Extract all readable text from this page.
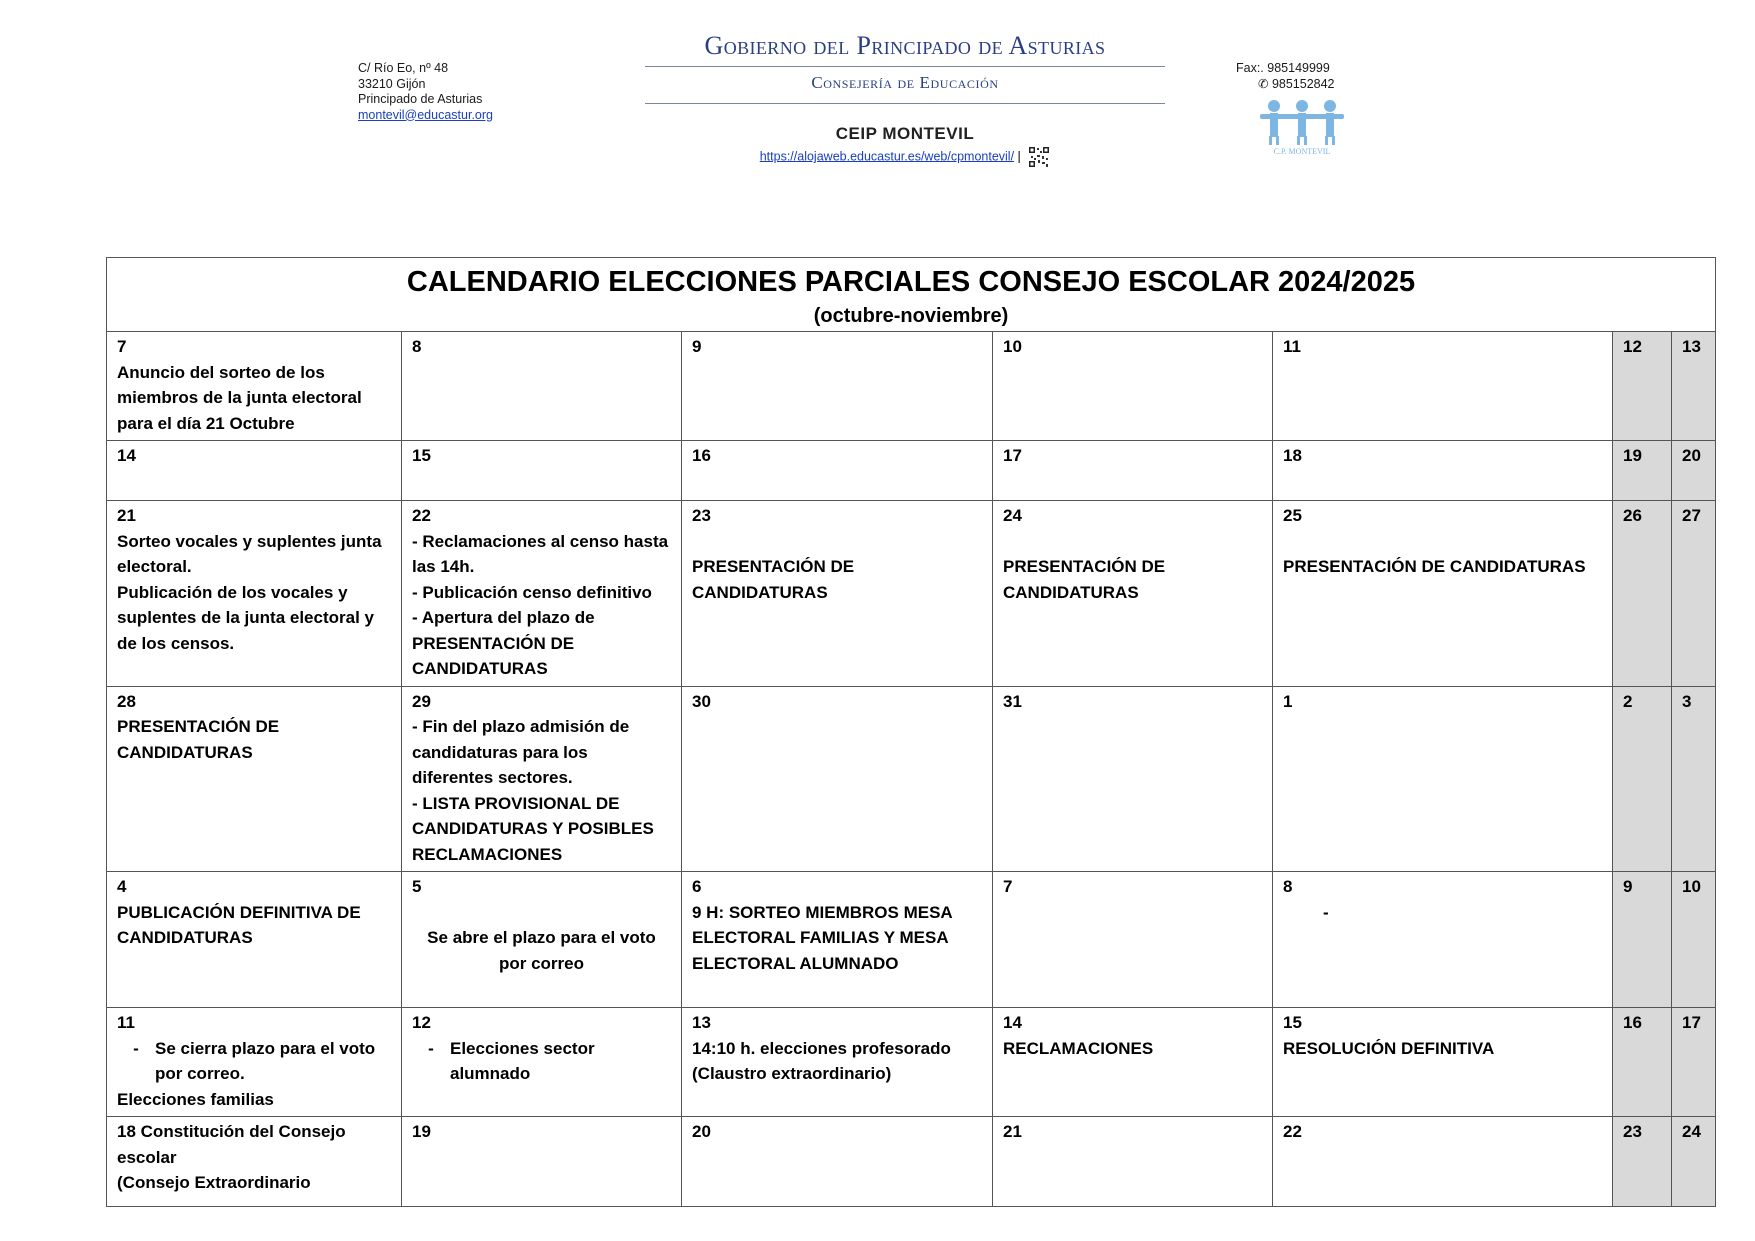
C/ Río Eo, nº 48
33210 Gijón
Principado de Asturias
montevil@educastur.org
Gobierno del Principado de Asturias
Consejería de Educación
CEIP MONTEVIL
https://alojaweb.educastur.es/web/cpmontevil/ |
Fax:. 985149999
✆ 985152842
C.P. MONTEVIL
CALENDARIO ELECCIONES PARCIALES CONSEJO ESCOLAR 2024/2025
(octubre-noviembre)						

7
Anuncio del sorteo de los miembros de la junta electoral para el día 21 Octubre	8	9	10	11	12	13

14	15	16	17	18	19	20

21
Sorteo vocales y suplentes junta electoral.
Publicación de los vocales y suplentes de la junta electoral y de los censos.	22
- Reclamaciones al censo hasta las 14h.
- Publicación censo definitivo
- Apertura del plazo de PRESENTACIÓN DE CANDIDATURAS	23

PRESENTACIÓN DE CANDIDATURAS	24

PRESENTACIÓN DE CANDIDATURAS	25

PRESENTACIÓN DE CANDIDATURAS	26	27

28
PRESENTACIÓN DE CANDIDATURAS	29
- Fin del plazo admisión de candidaturas para los diferentes sectores.
- LISTA PROVISIONAL DE CANDIDATURAS Y POSIBLES RECLAMACIONES	30	31	1	2	3

4
PUBLICACIÓN DEFINITIVA DE CANDIDATURAS	5

Se abre el plazo para el voto por correo	6
9 H: SORTEO MIEMBROS MESA ELECTORAL FAMILIAS Y MESA ELECTORAL ALUMNADO	7	8
-	9	10

11
- Se cierra plazo para el voto por correo.
Elecciones familias	12
- Elecciones sector alumnado	13
14:10 h. elecciones profesorado (Claustro extraordinario)	14
RECLAMACIONES	15
RESOLUCIÓN DEFINITIVA	16	17

18 Constitución del Consejo escolar

(Consejo Extraordinario	19	20	21	22	23	24
